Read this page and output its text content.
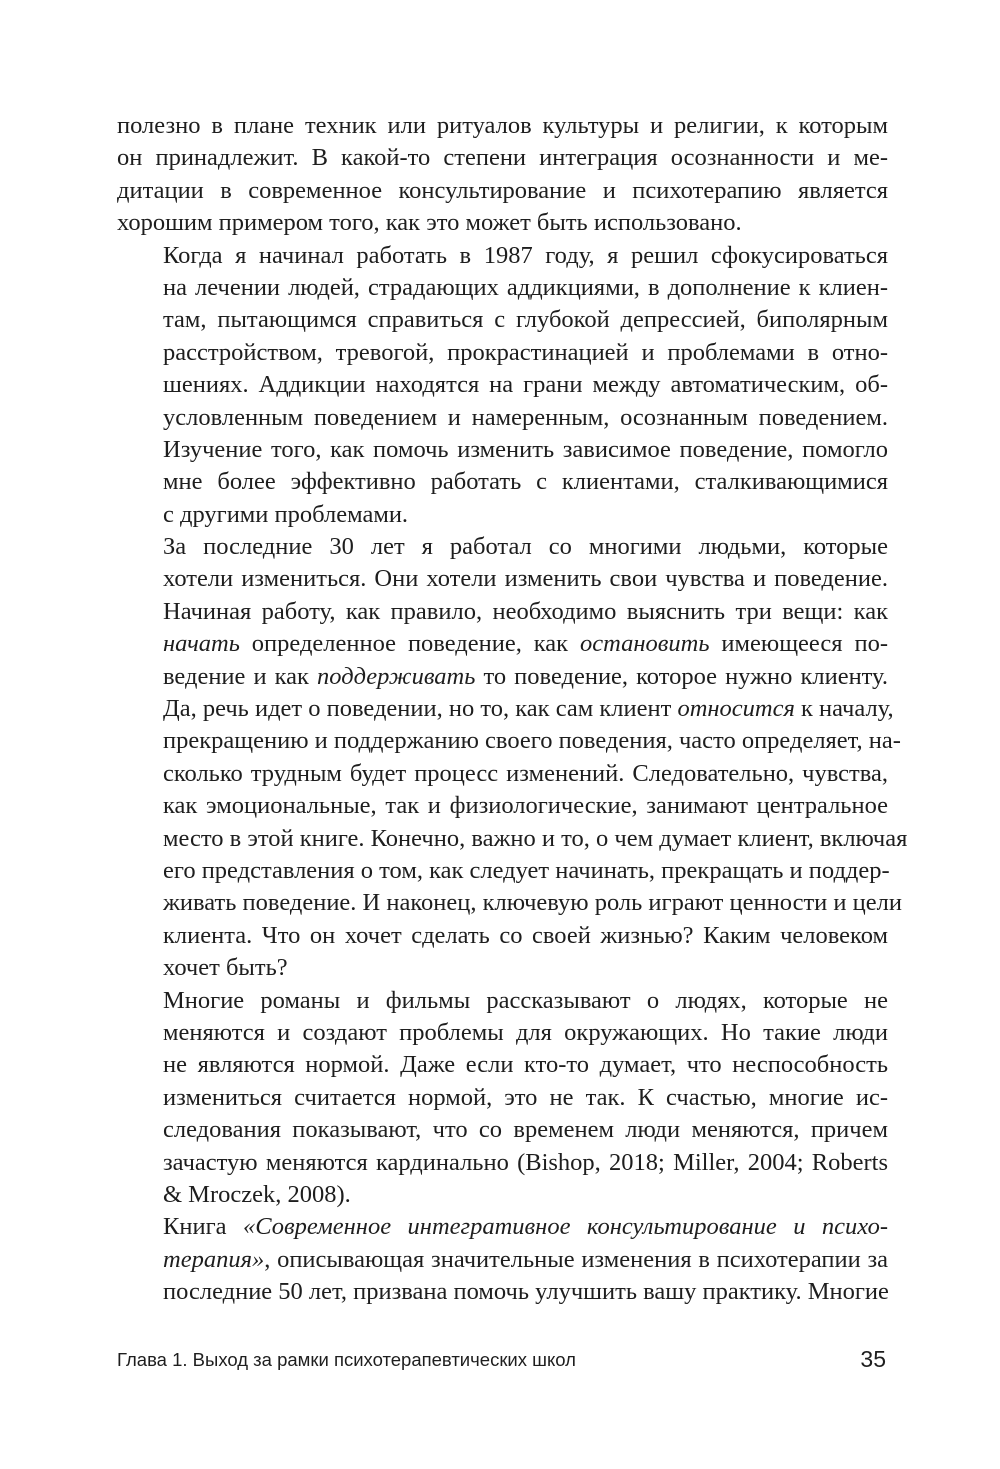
полезно в плане техник или ритуалов культуры и религии, к которым
он принадлежит. В какой-то степени интеграция осознанности и ме-
дитации в современное консультирование и психотерапию является
хорошим примером того, как это может быть использовано.
Когда я начинал работать в 1987 году, я решил сфокусироваться
на лечении людей, страдающих аддикциями, в дополнение к клиен-
там, пытающимся справиться с глубокой депрессией, биполярным
расстройством, тревогой, прокрастинацией и проблемами в отно-
шениях. Аддикции находятся на грани между автоматическим, об-
условленным поведением и намеренным, осознанным поведением.
Изучение того, как помочь изменить зависимое поведение, помогло
мне более эффективно работать с клиентами, сталкивающимися
с другими проблемами.
За последние 30 лет я работал со многими людьми, которые
хотели измениться. Они хотели изменить свои чувства и поведение.
Начиная работу, как правило, необходимо выяснить три вещи: как
начать определенное поведение, как остановить имеющееся по-
ведение и как поддерживать то поведение, которое нужно клиенту.
Да, речь идет о поведении, но то, как сам клиент относится к началу,
прекращению и поддержанию своего поведения, часто определяет, на-
сколько трудным будет процесс изменений. Следовательно, чувства,
как эмоциональные, так и физиологические, занимают центральное
место в этой книге. Конечно, важно и то, о чем думает клиент, включая
его представления о том, как следует начинать, прекращать и поддер-
живать поведение. И наконец, ключевую роль играют ценности и цели
клиента. Что он хочет сделать со своей жизнью? Каким человеком
хочет быть?
Многие романы и фильмы рассказывают о людях, которые не
меняются и создают проблемы для окружающих. Но такие люди
не являются нормой. Даже если кто-то думает, что неспособность
измениться считается нормой, это не так. К счастью, многие ис-
следования показывают, что со временем люди меняются, причем
зачастую меняются кардинально (Bishop, 2018; Miller, 2004; Roberts
& Mroczek, 2008).
Книга «Современное интегративное консультирование и психо-
терапия», описывающая значительные изменения в психотерапии за
последние 50 лет, призвана помочь улучшить вашу практику. Многие
Глава 1. Выход за рамки психотерапевтических школ	35
